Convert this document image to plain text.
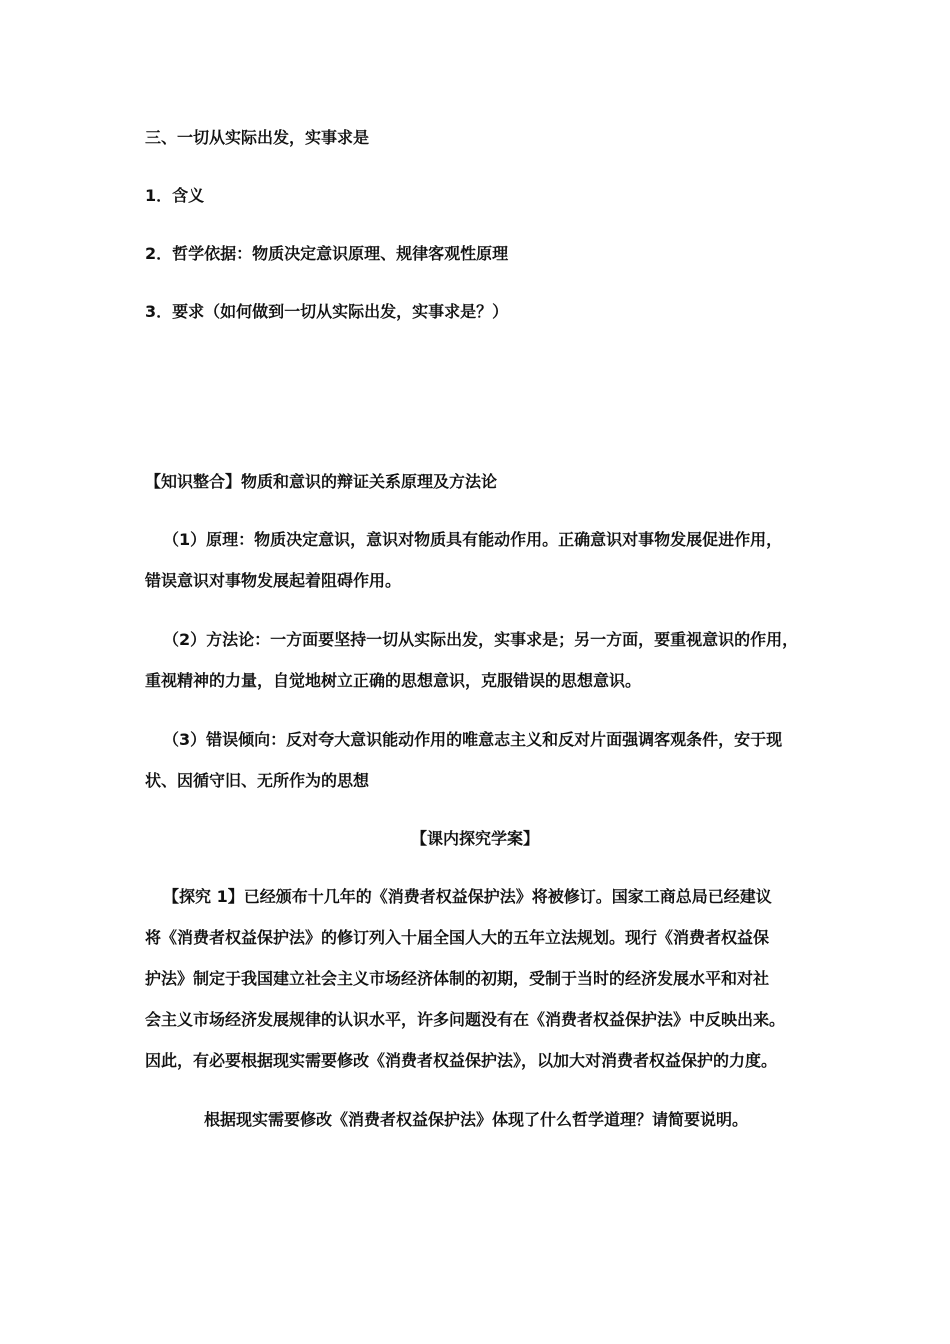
三、一切从实际出发，实事求是
1．含义
2．哲学依据：物质决定意识原理、规律客观性原理
3．要求（如何做到一切从实际出发，实事求是？）
【知识整合】物质和意识的辩证关系原理及方法论
（1）原理：物质决定意识，意识对物质具有能动作用。正确意识对事物发展促进作用，
错误意识对事物发展起着阻碍作用。
（2）方法论：一方面要坚持一切从实际出发，实事求是；另一方面，要重视意识的作用，
重视精神的力量，自觉地树立正确的思想意识，克服错误的思想意识。
（3）错误倾向：反对夸大意识能动作用的唯意志主义和反对片面强调客观条件，安于现
状、因循守旧、无所作为的思想
【课内探究学案】
【探究 1】已经颁布十几年的《消费者权益保护法》将被修订。国家工商总局已经建议
将《消费者权益保护法》的修订列入十届全国人大的五年立法规划。现行《消费者权益保
护法》制定于我国建立社会主义市场经济体制的初期，受制于当时的经济发展水平和对社
会主义市场经济发展规律的认识水平，许多问题没有在《消费者权益保护法》中反映出来。
因此，有必要根据现实需要修改《消费者权益保护法》，以加大对消费者权益保护的力度。
根据现实需要修改《消费者权益保护法》体现了什么哲学道理？请简要说明。
